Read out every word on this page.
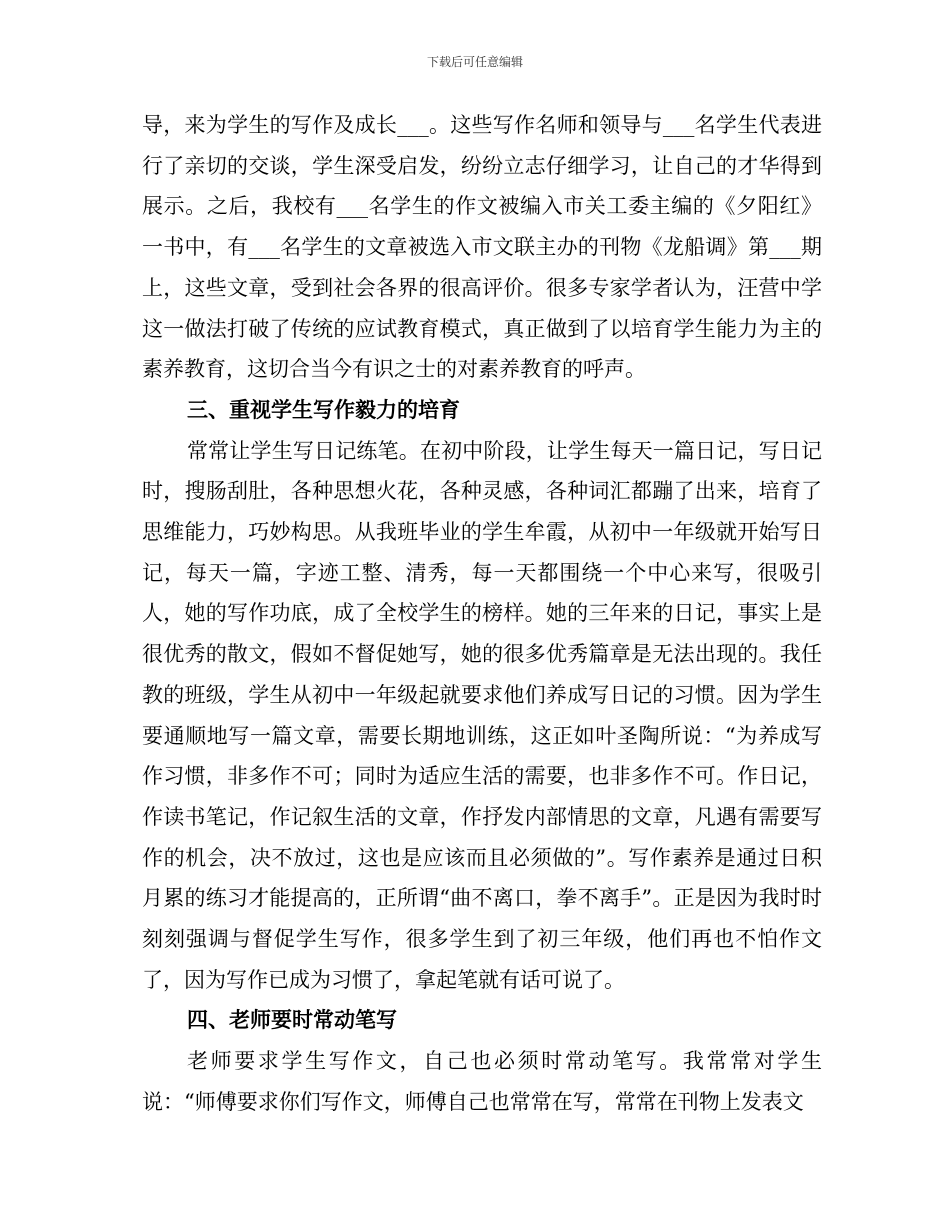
下载后可任意编辑

导，来为学生的写作及成长___。这些写作名师和领导与___名学生代表进行了亲切的交谈，学生深受启发，纷纷立志仔细学习，让自己的才华得到展示。之后，我校有___名学生的作文被编入市关工委主编的《夕阳红》一书中，有___名学生的文章被选入市文联主办的刊物《龙船调》第___期上，这些文章，受到社会各界的很高评价。很多专家学者认为，汪营中学这一做法打破了传统的应试教育模式，真正做到了以培育学生能力为主的素养教育，这切合当今有识之士的对素养教育的呼声。

三、重视学生写作毅力的培育

常常让学生写日记练笔。在初中阶段，让学生每天一篇日记，写日记时，搜肠刮肚，各种思想火花，各种灵感，各种词汇都蹦了出来，培育了思维能力，巧妙构思。从我班毕业的学生牟霞，从初中一年级就开始写日记，每天一篇，字迹工整、清秀，每一天都围绕一个中心来写，很吸引人，她的写作功底，成了全校学生的榜样。她的三年来的日记，事实上是很优秀的散文，假如不督促她写，她的很多优秀篇章是无法出现的。我任教的班级，学生从初中一年级起就要求他们养成写日记的习惯。因为学生要通顺地写一篇文章，需要长期地训练，这正如叶圣陶所说：“为养成写作习惯，非多作不可；同时为适应生活的需要，也非多作不可。作日记，作读书笔记，作记叙生活的文章，作抒发内部情思的文章，凡遇有需要写作的机会，决不放过，这也是应该而且必须做的”。写作素养是通过日积月累的练习才能提高的，正所谓“曲不离口，拳不离手”。正是因为我时时刻刻强调与督促学生写作，很多学生到了初三年级，他们再也不怕作文了，因为写作已成为习惯了，拿起笔就有话可说了。

四、老师要时常动笔写

老师要求学生写作文，自己也必须时常动笔写。我常常对学生说：“师傅要求你们写作文，师傅自己也常常在写，常常在刊物上发表文
